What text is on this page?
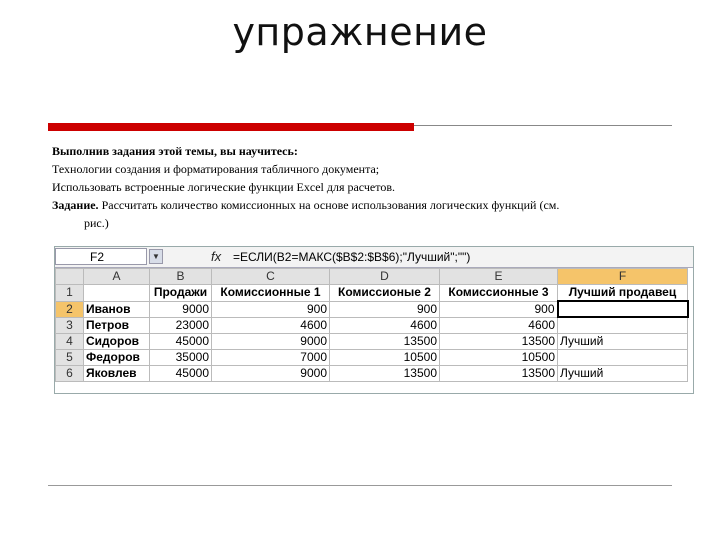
упражнение

Выполнив задания этой темы, вы научитесь:

Технологии создания и форматирования табличного документа;

Использовать встроенные логические функции Excel для расчетов.

Задание. Рассчитать количество комиссионных на основе использования логических функций (см.

рис.)

F2	▼	fx =ЕСЛИ(B2=МАКС($B$2:$B$6);"Лучший";"")
	A	B	C	D	E	F
1		Продажи	Комиссионные 1	Комиссионые 2	Комиссионные 3	Лучший продавец
2	Иванов	9000	900	900	900	
3	Петров	23000	4600	4600	4600	
4	Сидоров	45000	9000	13500	13500	Лучший
5	Федоров	35000	7000	10500	10500	
6	Яковлев	45000	9000	13500	13500	Лучший
